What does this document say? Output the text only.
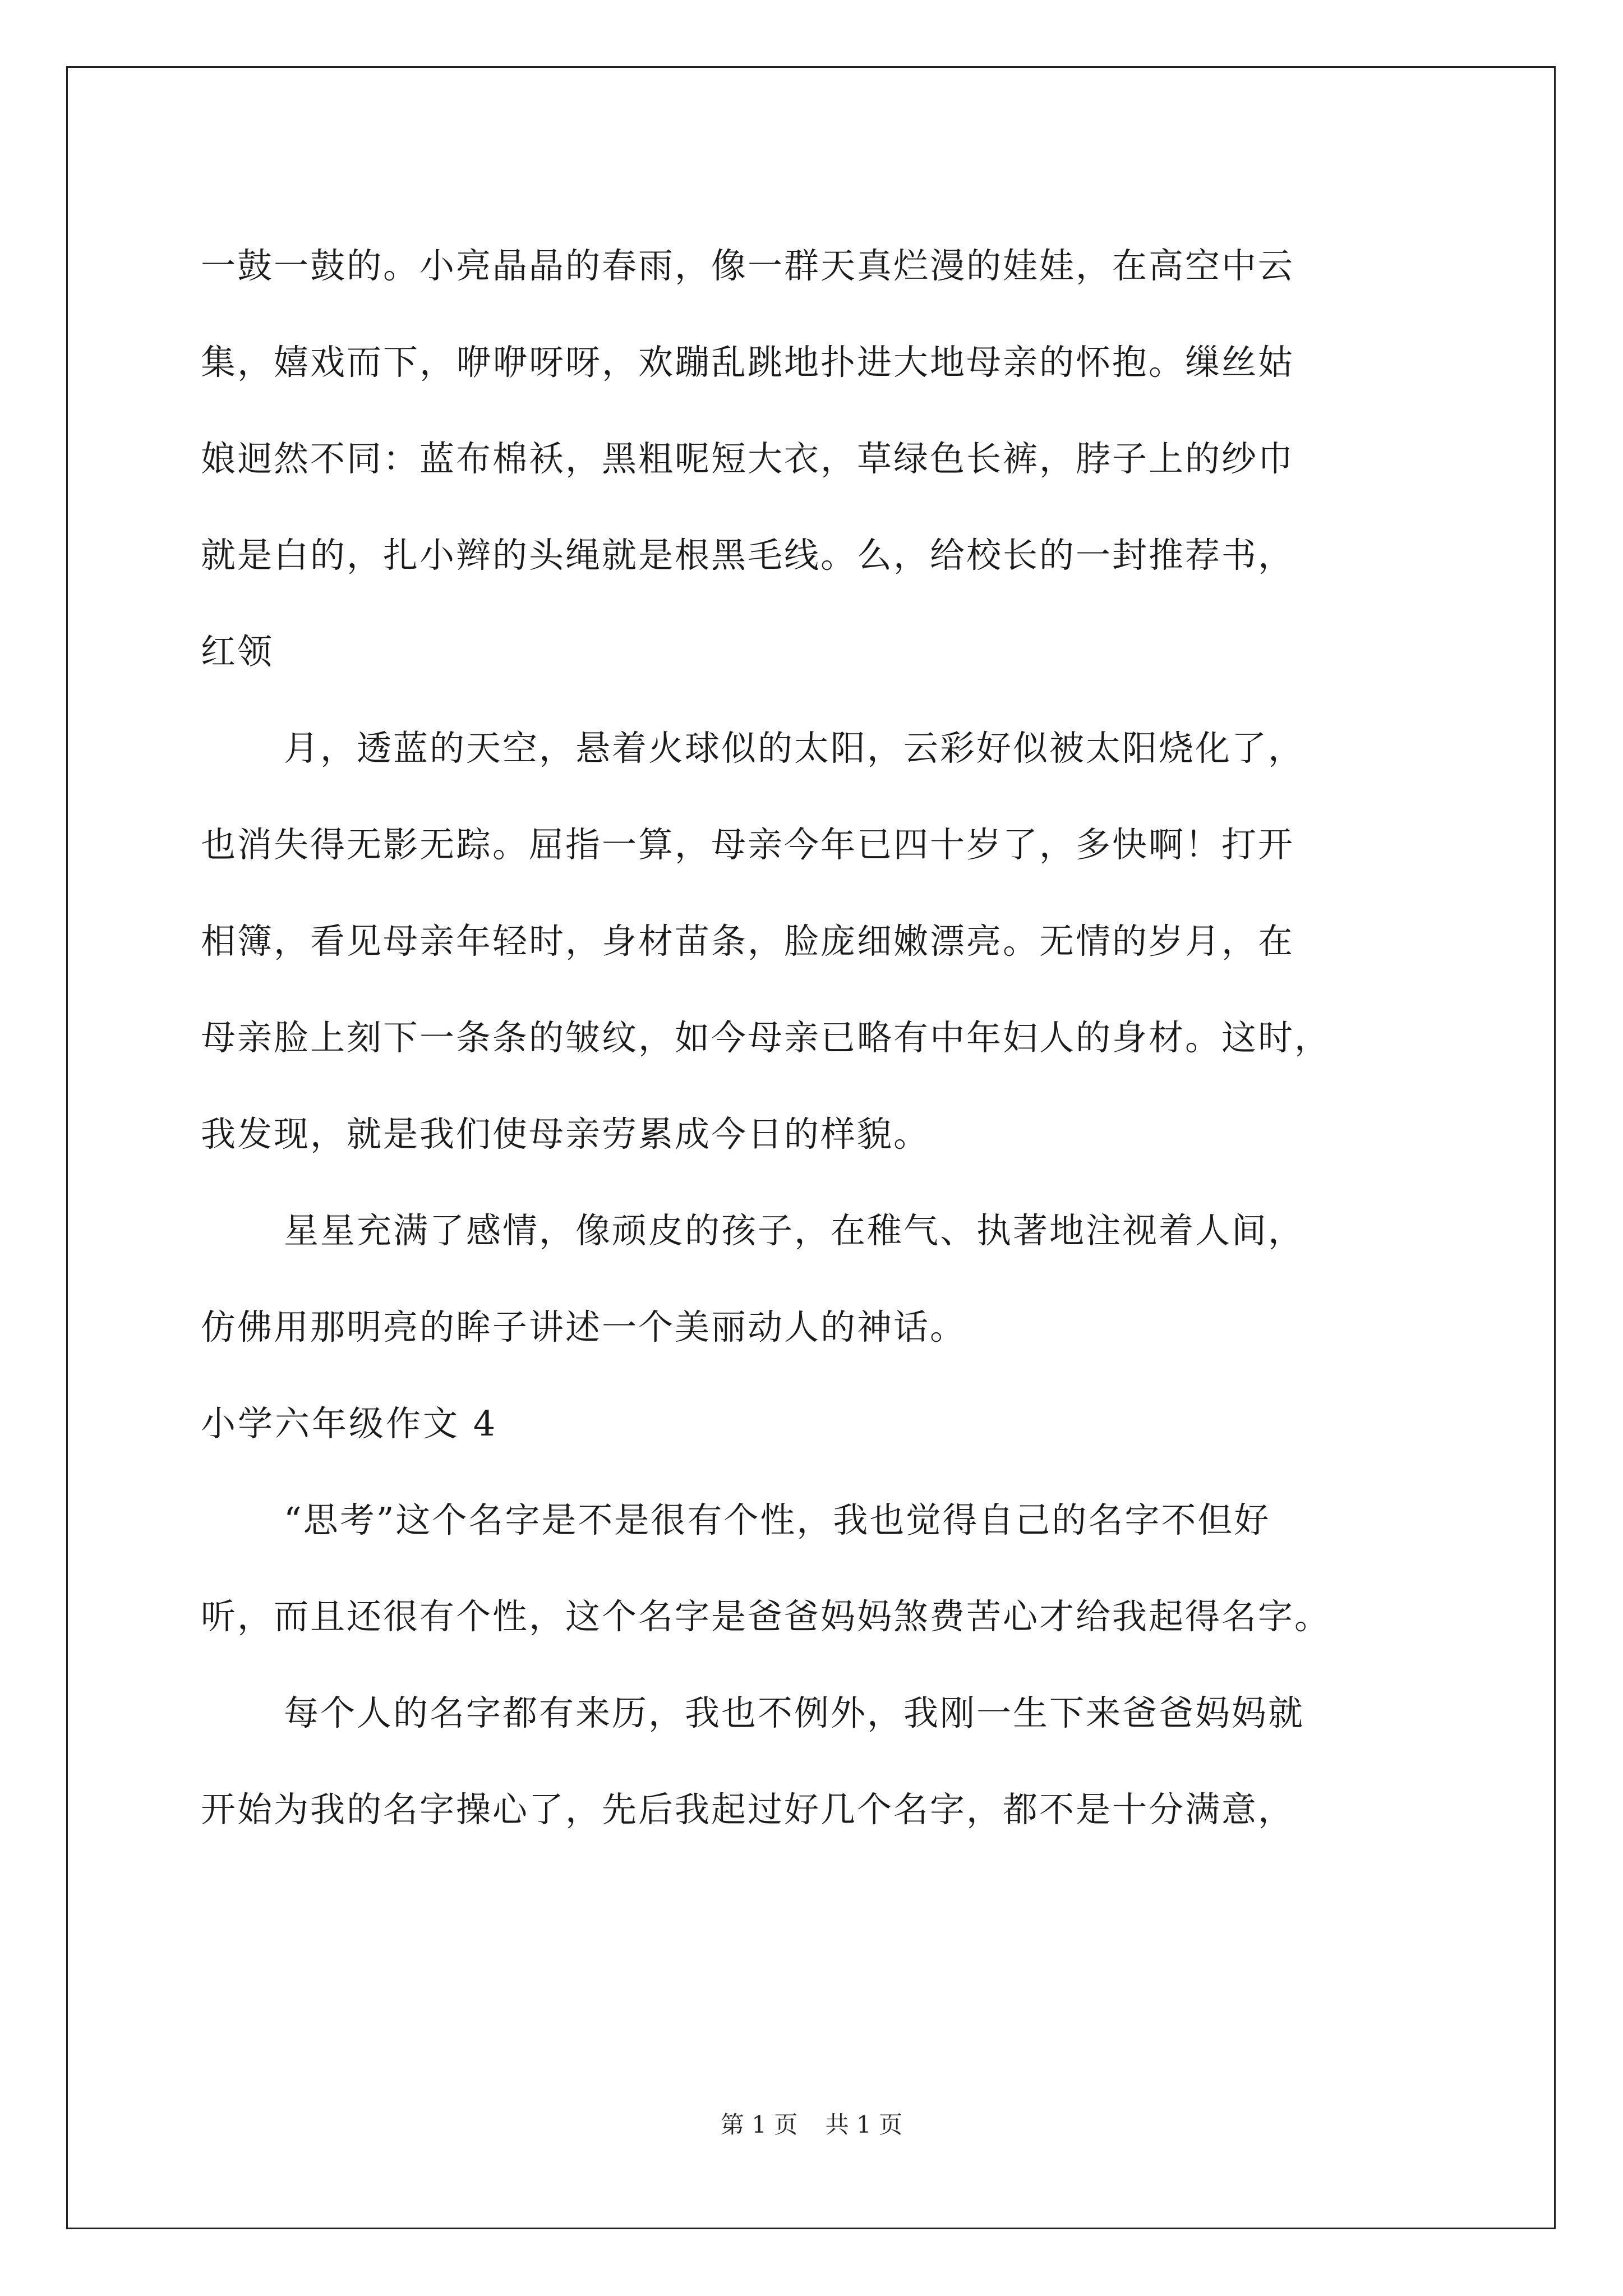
一鼓一鼓的。小亮晶晶的春雨，像一群天真烂漫的娃娃，在高空中云
集，嬉戏而下，咿咿呀呀，欢蹦乱跳地扑进大地母亲的怀抱。缫丝姑
娘迥然不同：蓝布棉袄，黑粗呢短大衣，草绿色长裤，脖子上的纱巾
就是白的，扎小辫的头绳就是根黑毛线。么，给校长的一封推荐书，
红领
月，透蓝的天空，悬着火球似的太阳，云彩好似被太阳烧化了，
也消失得无影无踪。屈指一算，母亲今年已四十岁了，多快啊！打开
相簿，看见母亲年轻时，身材苗条，脸庞细嫩漂亮。无情的岁月，在
母亲脸上刻下一条条的皱纹，如今母亲已略有中年妇人的身材。这时，
我发现，就是我们使母亲劳累成今日的样貌。
星星充满了感情，像顽皮的孩子，在稚气、执著地注视着人间，
仿佛用那明亮的眸子讲述一个美丽动人的神话。
小学六年级作文 4
“思考”这个名字是不是很有个性，我也觉得自己的名字不但好
听，而且还很有个性，这个名字是爸爸妈妈煞费苦心才给我起得名字。
每个人的名字都有来历，我也不例外，我刚一生下来爸爸妈妈就
开始为我的名字操心了，先后我起过好几个名字，都不是十分满意，
第 1 页 共 1 页
